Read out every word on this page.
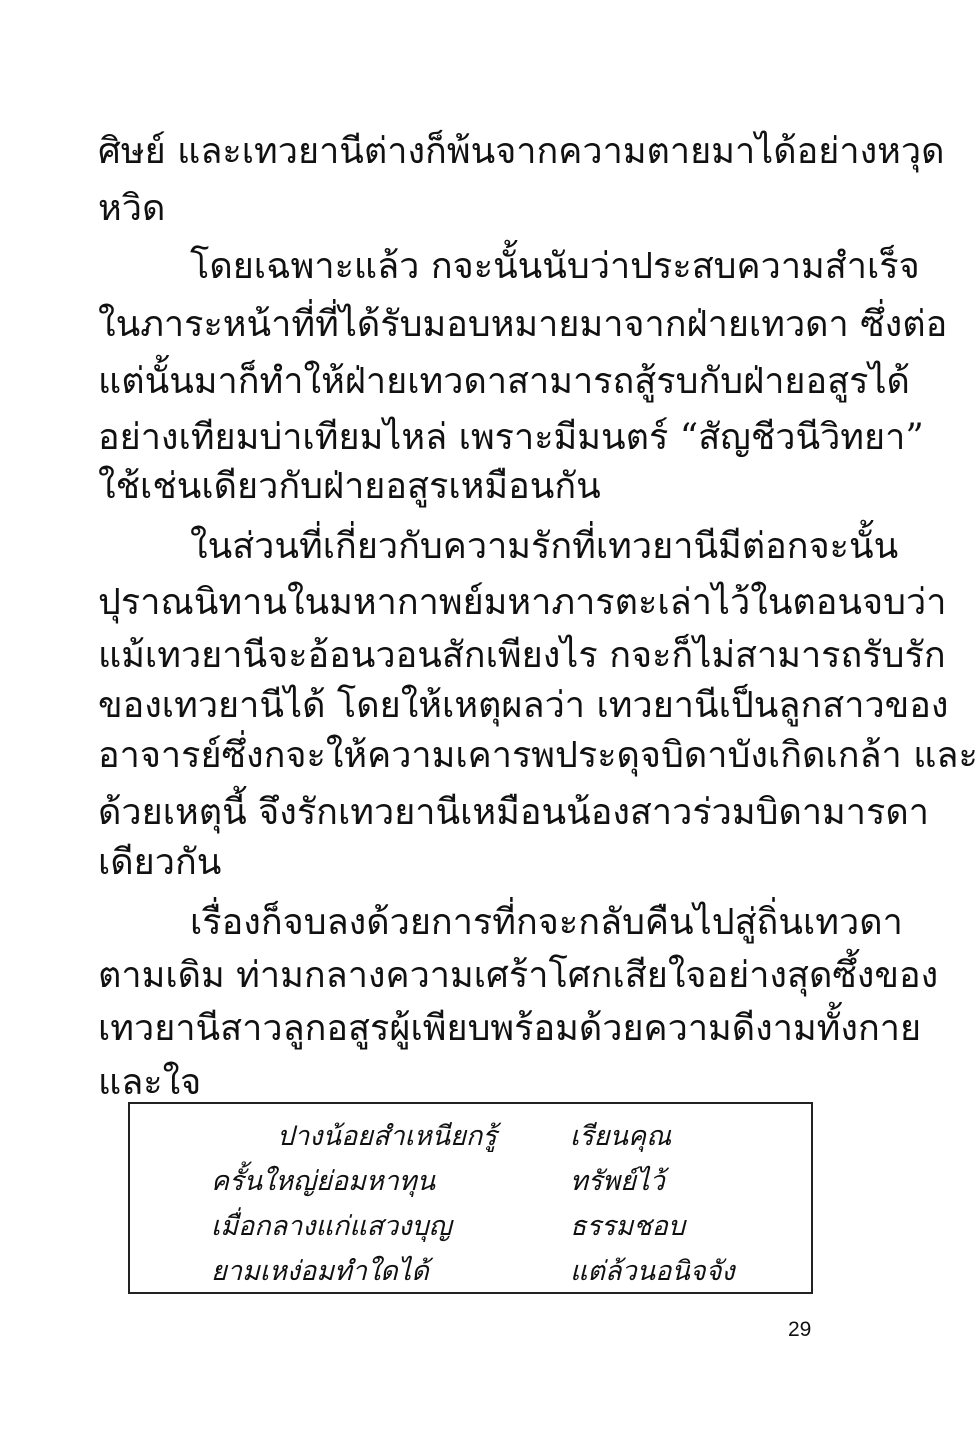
ศิษย์ และเทวยานีต่างก็พ้นจากความตายมาได้อย่างหวุด
หวิด
โดยเฉพาะแล้ว กจะนั้นนับว่าประสบความสำเร็จ
ในภาระหน้าที่ที่ได้รับมอบหมายมาจากฝ่ายเทวดา ซึ่งต่อ
แต่นั้นมาก็ทำให้ฝ่ายเทวดาสามารถสู้รบกับฝ่ายอสูรได้
อย่างเทียมบ่าเทียมไหล่ เพราะมีมนตร์ “สัญชีวนีวิทยา”
ใช้เช่นเดียวกับฝ่ายอสูรเหมือนกัน
ในส่วนที่เกี่ยวกับความรักที่เทวยานีมีต่อกจะนั้น
ปุราณนิทานในมหากาพย์มหาภารตะเล่าไว้ในตอนจบว่า
แม้เทวยานีจะอ้อนวอนสักเพียงไร กจะก็ไม่สามารถรับรัก
ของเทวยานีได้ โดยให้เหตุผลว่า เทวยานีเป็นลูกสาวของ
อาจารย์ซึ่งกจะให้ความเคารพประดุจบิดาบังเกิดเกล้า และ
ด้วยเหตุนี้ จึงรักเทวยานีเหมือนน้องสาวร่วมบิดามารดา
เดียวกัน
เรื่องก็จบลงด้วยการที่กจะกลับคืนไปสู่ถิ่นเทวดา
ตามเดิม ท่ามกลางความเศร้าโศกเสียใจอย่างสุดซึ้งของ
เทวยานีสาวลูกอสูรผู้เพียบพร้อมด้วยความดีงามทั้งกาย
และใจ
ปางน้อยสำเหนียกรู้	เรียนคุณ
ครั้นใหญ่ย่อมหาทุน	ทรัพย์ไว้
เมื่อกลางแก่แสวงบุญ	ธรรมชอบ
ยามเหง่อมทำใดได้	แต่ล้วนอนิจจัง
29
